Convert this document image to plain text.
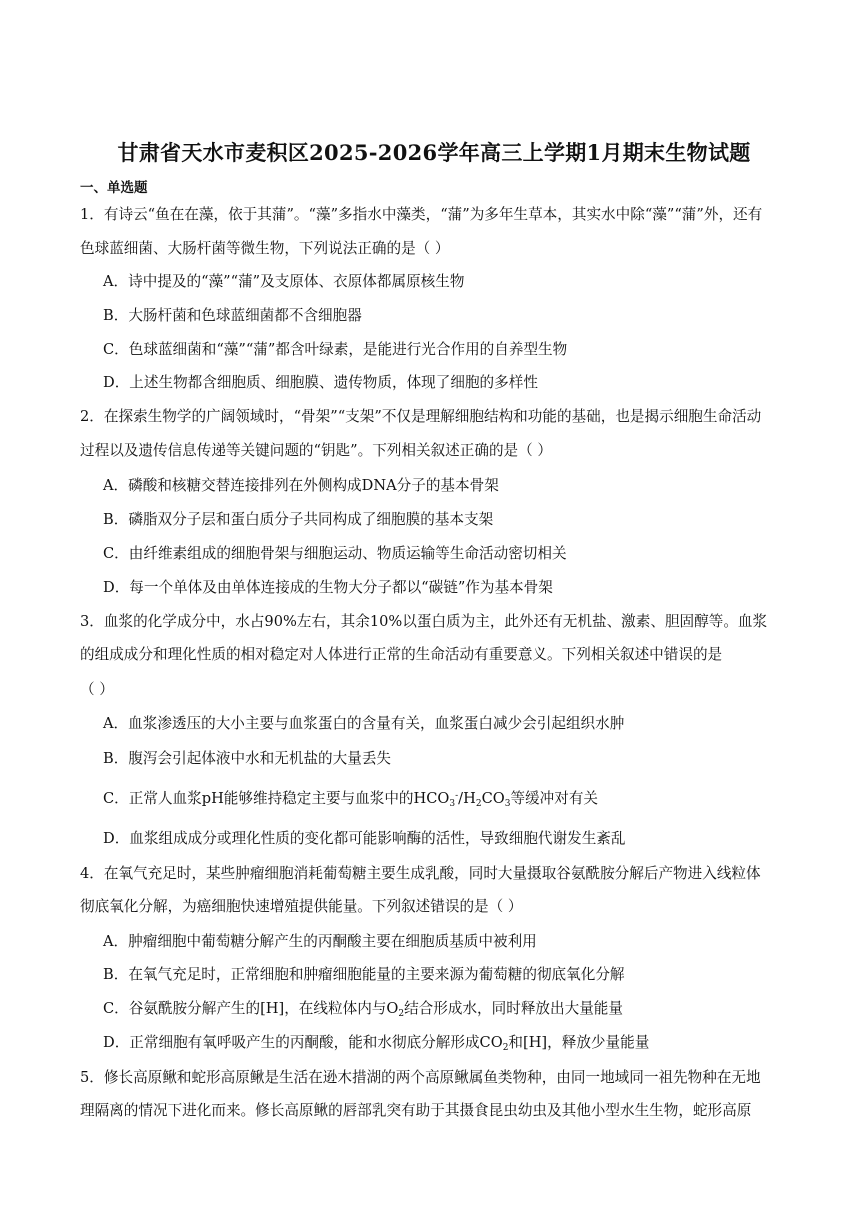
甘肃省天水市麦积区2025-2026学年高三上学期1月期末生物试题
一、单选题
1．有诗云“鱼在在藻，依于其蒲”。“藻”多指水中藻类，“蒲”为多年生草本，其实水中除“藻”“蒲”外，还有
色球蓝细菌、大肠杆菌等微生物，下列说法正确的是（ ）
A．诗中提及的“藻”“蒲”及支原体、衣原体都属原核生物
B．大肠杆菌和色球蓝细菌都不含细胞器
C．色球蓝细菌和“藻”“蒲”都含叶绿素，是能进行光合作用的自养型生物
D．上述生物都含细胞质、细胞膜、遗传物质，体现了细胞的多样性
2．在探索生物学的广阔领域时，“骨架”“支架”不仅是理解细胞结构和功能的基础，也是揭示细胞生命活动
过程以及遗传信息传递等关键问题的“钥匙”。下列相关叙述正确的是（ ）
A．磷酸和核糖交替连接排列在外侧构成DNA分子的基本骨架
B．磷脂双分子层和蛋白质分子共同构成了细胞膜的基本支架
C．由纤维素组成的细胞骨架与细胞运动、物质运输等生命活动密切相关
D．每一个单体及由单体连接成的生物大分子都以“碳链”作为基本骨架
3．血浆的化学成分中，水占90%左右，其余10%以蛋白质为主，此外还有无机盐、激素、胆固醇等。血浆
的组成成分和理化性质的相对稳定对人体进行正常的生命活动有重要意义。下列相关叙述中错误的是
（ ）
A．血浆渗透压的大小主要与血浆蛋白的含量有关，血浆蛋白减少会引起组织水肿
B．腹泻会引起体液中水和无机盐的大量丢失
C．正常人血浆pH能够维持稳定主要与血浆中的$HCO_3^-/H_2CO_3$等缓冲对有关
D．血浆组成成分或理化性质的变化都可能影响酶的活性，导致细胞代谢发生紊乱
4．在氧气充足时，某些肿瘤细胞消耗葡萄糖主要生成乳酸，同时大量摄取谷氨酰胺分解后产物进入线粒体
彻底氧化分解，为癌细胞快速增殖提供能量。下列叙述错误的是（ ）
A．肿瘤细胞中葡萄糖分解产生的丙酮酸主要在细胞质基质中被利用
B．在氧气充足时，正常细胞和肿瘤细胞能量的主要来源为葡萄糖的彻底氧化分解
C．谷氨酰胺分解产生的[H]，在线粒体内与$O_2$结合形成水，同时释放出大量能量
D．正常细胞有氧呼吸产生的丙酮酸，能和水彻底分解形成$CO_2$和[H]，释放少量能量
5．修长高原鳅和蛇形高原鳅是生活在逊木措湖的两个高原鳅属鱼类物种，由同一地域同一祖先物种在无地
理隔离的情况下进化而来。修长高原鳅的唇部乳突有助于其摄食昆虫幼虫及其他小型水生生物，蛇形高原
